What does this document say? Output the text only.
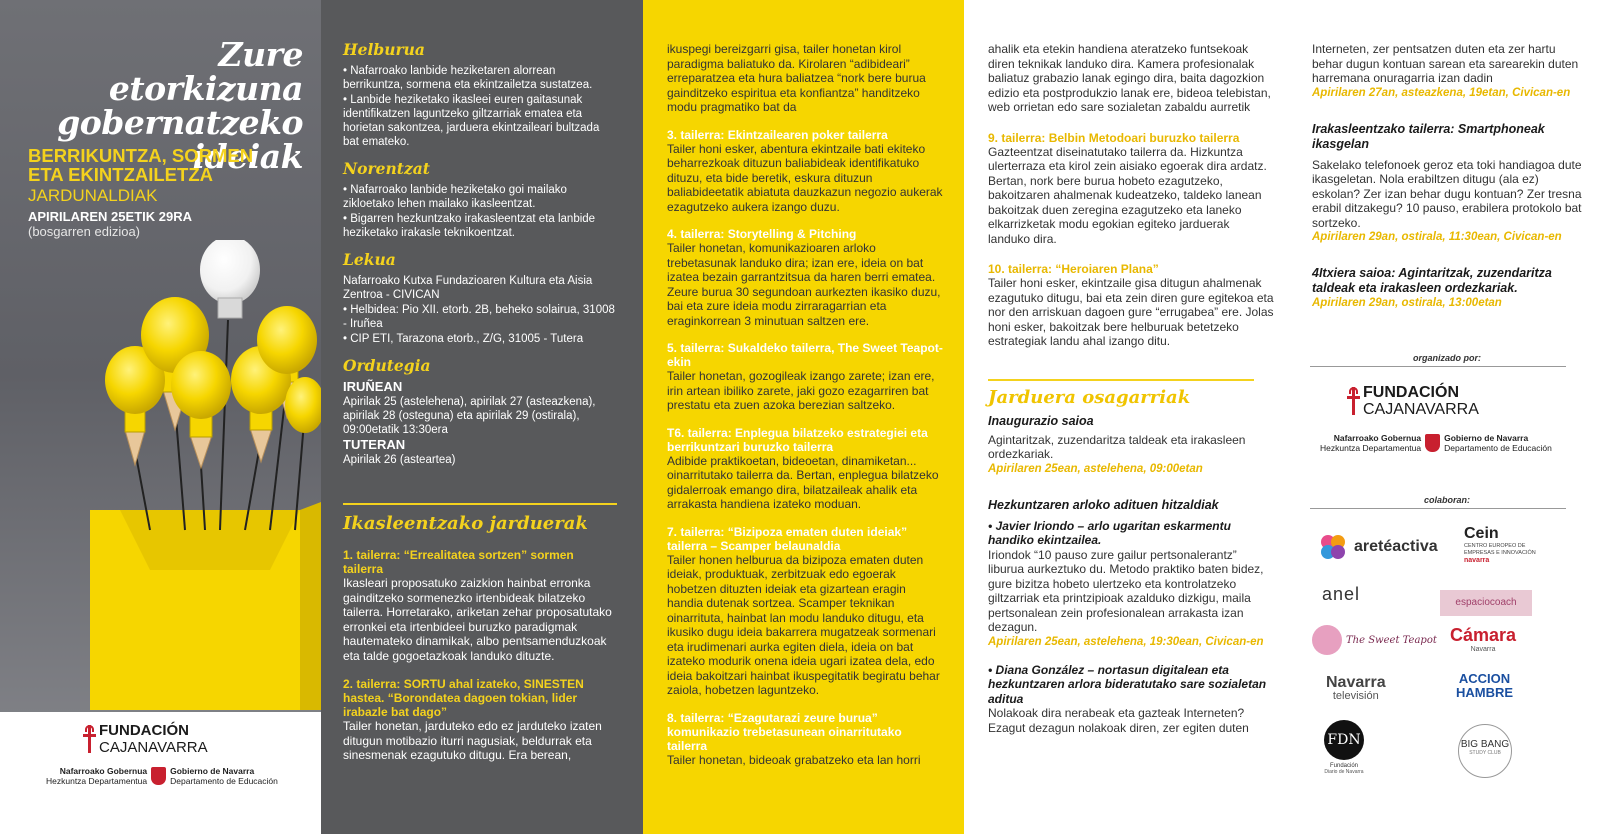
Zure etorkizuna gobernatzeko ideiak
BERRIKUNTZA, SORMEN ETA EKINTZAILETZA
JARDUNALDIAK
APIRILAREN 25ETIK 29RA
(bosgarren edizioa)
FUNDACIÓN
CAJANAVARRA
Nafarroako Gobernua
Hezkuntza Departamentua
Gobierno de Navarra
Departamento de Educación
Helburua

• Nafarroako lanbide heziketaren alorrean berrikuntza, sormena eta ekintzailetza sustatzea.

• Lanbide heziketako ikasleei euren gaitasunak identifikatzen laguntzeko giltzarriak ematea eta horietan sakontzea, jarduera ekintzaileari bultzada bat emateko.

Norentzat

• Nafarroako lanbide heziketako goi mailako zikloetako lehen mailako ikasleentzat.

• Bigarren hezkuntzako irakasleentzat eta lanbide heziketako irakasle teknikoentzat.

Lekua

Nafarroako Kutxa Fundazioaren Kultura eta Aisia Zentroa - CIVICAN

• Helbidea: Pio XII. etorb. 2B, beheko solairua, 31008 - Iruñea

• CIP ETI, Tarazona etorb., Z/G, 31005 - Tutera

Ordutegia

IRUÑEAN

Apirilak 25 (astelehena), apirilak 27 (asteazkena), apirilak 28 (osteguna) eta apirilak 29 (ostirala), 09:00etatik 13:30era

TUTERAN

Apirilak 26 (asteartea)

Ikasleentzako jarduerak
1. tailerra: “Errealitatea sortzen” sormen tailerra
Ikasleari proposatuko zaizkion hainbat erronka gainditzeko sormenezko irtenbideak bilatzeko tailerra. Horretarako, ariketan zehar proposatutako erronkei eta irtenbideei buruzko paradigmak hautemateko dinamikak, albo pentsamenduzkoak eta talde gogoetazkoak landuko dituzte.
2. tailerra: SORTU ahal izateko, SINESTEN hastea. “Borondatea dagoen tokian, lider irabazle bat dago”
Tailer honetan, jarduteko edo ez jarduteko izaten ditugun motibazio iturri nagusiak, beldurrak eta sinesmenak ezagutuko ditugu. Era berean,
ikuspegi bereizgarri gisa, tailer honetan kirol paradigma baliatuko da. Kirolaren “adibideari” erreparatzea eta hura baliatzea “nork bere burua gainditzeko espiritua eta konfiantza” handitzeko modu pragmatiko bat da
3. tailerra: Ekintzailearen poker tailerra
Tailer honi esker, abentura ekintzaile bati ekiteko beharrezkoak dituzun baliabideak identifikatuko dituzu, eta bide beretik, eskura dituzun baliabideetatik abiatuta dauzkazun negozio aukerak ezagutzeko aukera izango duzu.
4. tailerra: Storytelling & Pitching
Tailer honetan, komunikazioaren arloko trebetasunak landuko dira; izan ere, ideia on bat izatea bezain garrantzitsua da haren berri ematea. Zeure burua 30 segundoan aurkezten ikasiko duzu, bai eta zure ideia modu zirraragarrian eta eraginkorrean 3 minutuan saltzen ere.
5. tailerra: Sukaldeko tailerra, The Sweet Teapot-ekin
Tailer honetan, gozogileak izango zarete; izan ere, irin artean ibiliko zarete, jaki gozo ezagarriren bat prestatu eta zuen azoka berezian saltzeko.
T6. tailerra: Enplegua bilatzeko estrategiei eta berrikuntzari buruzko tailerra
Adibide praktikoetan, bideoetan, dinamiketan... oinarritutako tailerra da. Bertan, enplegua bilatzeko gidalerroak emango dira, bilatzaileak ahalik eta arrakasta handiena izateko moduan.
7. tailerra: “Bizipoza ematen duten ideiak” tailerra – Scamper belaunaldia
Tailer honen helburua da bizipoza ematen duten ideiak, produktuak, zerbitzuak edo egoerak hobetzen dituzten ideiak eta gizartean eragin handia dutenak sortzea. Scamper teknikan oinarrituta, hainbat lan modu landuko ditugu, eta ikusiko dugu ideia bakarrera mugatzeak sormenari eta irudimenari aurka egiten diela, ideia on bat izateko modurik onena ideia ugari izatea dela, edo ideia bakoitzari hainbat ikuspegitatik begiratu behar zaiola, hobetzen laguntzeko.
8. tailerra: “Ezagutarazi zeure burua” komunikazio trebetasunean oinarritutako tailerra
Tailer honetan, bideoak grabatzeko eta lan horri
ahalik eta etekin handiena ateratzeko funtsekoak diren teknikak landuko dira. Kamera profesionalak baliatuz grabazio lanak egingo dira, baita dagozkion edizio eta postprodukzio lanak ere, bideoa telebistan, web orrietan edo sare sozialetan zabaldu aurretik
9. tailerra: Belbin Metodoari buruzko tailerra
Gazteentzat diseinatutako tailerra da. Hizkuntza ulerterraza eta kirol zein aisiako egoerak dira ardatz. Bertan, nork bere burua hobeto ezagutzeko, bakoitzaren ahalmenak kudeatzeko, taldeko lanean bakoitzak duen zeregina ezagutzeko eta laneko elkarrizketak modu egokian egiteko jarduerak landuko dira.
10. tailerra: “Heroiaren Plana”
Tailer honi esker, ekintzaile gisa ditugun ahalmenak ezagutuko ditugu, bai eta zein diren gure egitekoa eta nor den arriskuan dagoen gure “errugabea” ere. Jolas honi esker, bakoitzak bere helburuak betetzeko estrategiak landu ahal izango ditu.
Jarduera osagarriak
Inaugurazio saioa
Agintaritzak, zuzendaritza taldeak eta irakasleen ordezkariak.
Apirilaren 25ean, astelehena, 09:00etan
Hezkuntzaren arloko adituen hitzaldiak
• Javier Iriondo – arlo ugaritan eskarmentu handiko ekintzailea.
Iriondok “10 pauso zure gailur pertsonalerantz” liburua aurkeztuko du. Metodo praktiko baten bidez, gure bizitza hobeto ulertzeko eta kontrolatzeko giltzarriak eta printzipioak azalduko dizkigu, maila pertsonalean zein profesionalean arrakasta izan dezagun.
Apirilaren 25ean, astelehena, 19:30ean, Civican-en
• Diana González – nortasun digitalean eta hezkuntzaren arlora bideratutako sare sozialetan aditua
Nolakoak dira nerabeak eta gazteak Interneten? Ezagut dezagun nolakoak diren, zer egiten duten
Interneten, zer pentsatzen duten eta zer hartu behar dugun kontuan sarean eta sarearekin duten harremana onuragarria izan dadin
Apirilaren 27an, asteazkena, 19etan, Civican-en
Irakasleentzako tailerra: Smartphoneak ikasgelan
Sakelako telefonoek geroz eta toki handiagoa dute ikasgeletan. Nola erabiltzen ditugu (ala ez) eskolan? Zer izan behar dugu kontuan? Zer tresna erabil ditzakegu? 10 pauso, erabilera protokolo bat sortzeko.
Apirilaren 29an, ostirala, 11:30ean, Civican-en
4Itxiera saioa: Agintaritzak, zuzendaritza taldeak eta irakasleen ordezkariak.
Apirilaren 29an, ostirala, 13:00etan
organizado por:
FUNDACIÓN
CAJANAVARRA
Nafarroako Gobernua
Hezkuntza Departamentua
Gobierno de Navarra
Departamento de Educación
colaboran:
aretéactiva
Cein
CENTRO EUROPEO DE EMPRESAS E INNOVACIÓN
navarra
anel	espaciocoach
The Sweet Teapot Cámara
Navarra
Navarra
televisión
ACCION
HAMBRE
FDN
Fundación
Diario de Navarra
BIG BANG
STUDY CLUB
